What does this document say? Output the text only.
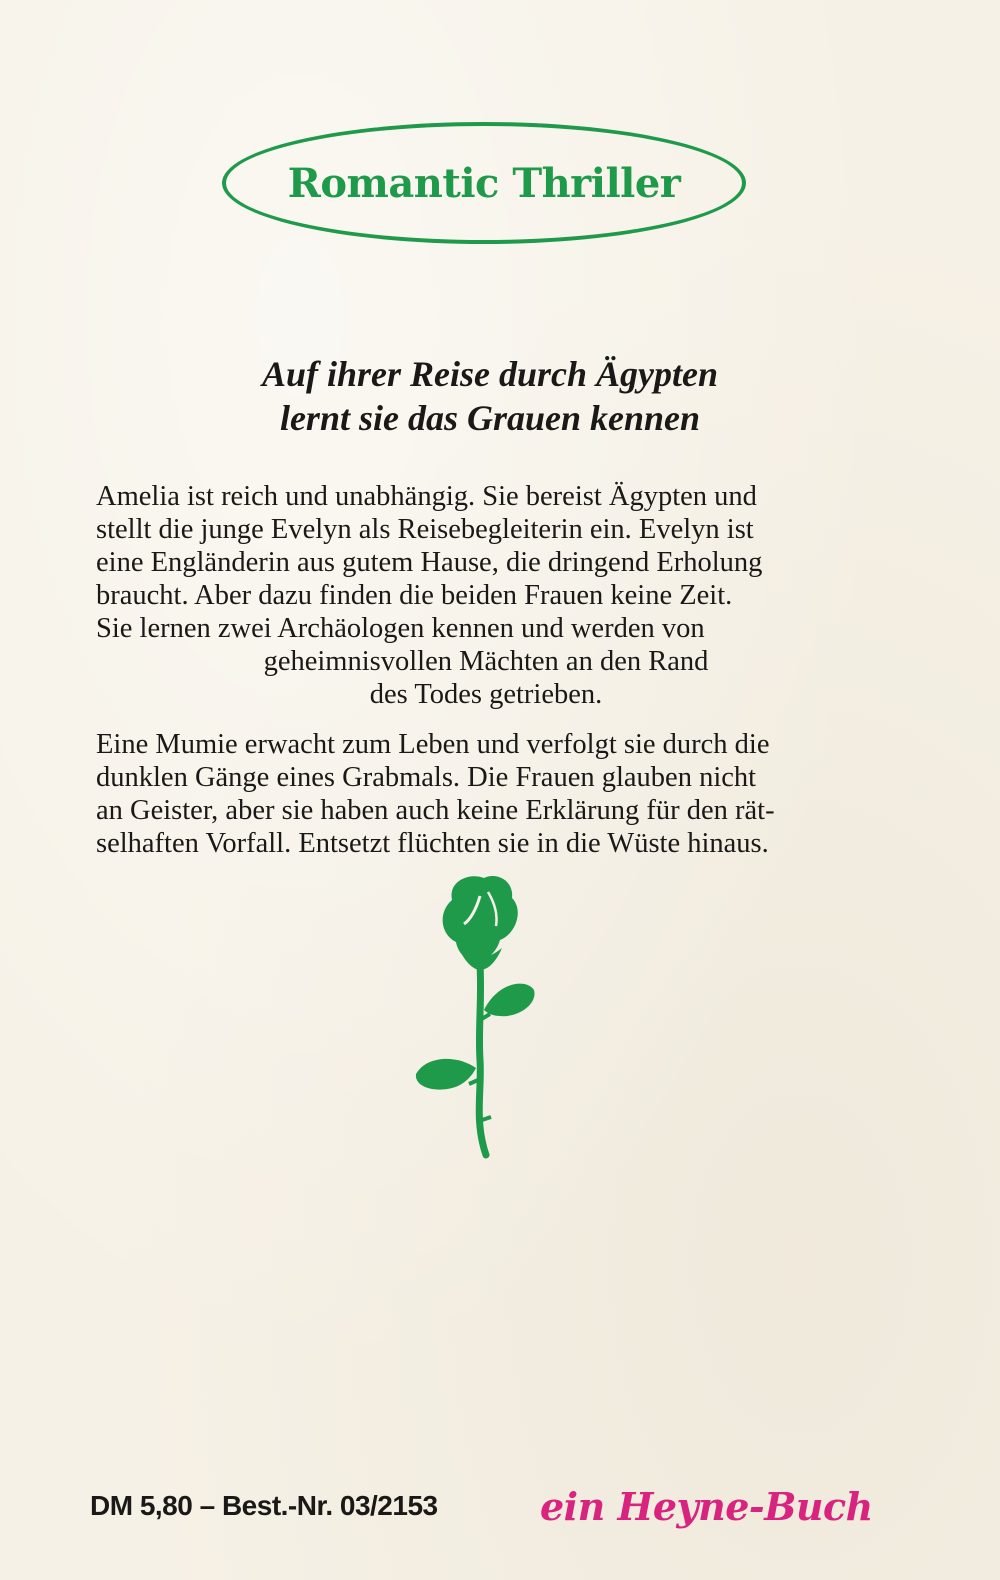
Romantic Thriller
Auf ihrer Reise durch Ägypten
lernt sie das Grauen kennen
Amelia ist reich und unabhängig. Sie bereist Ägypten und
stellt die junge Evelyn als Reisebegleiterin ein. Evelyn ist
eine Engländerin aus gutem Hause, die dringend Erholung
braucht. Aber dazu finden die beiden Frauen keine Zeit.
Sie lernen zwei Archäologen kennen und werden von
geheimnisvollen Mächten an den Rand
des Todes getrieben.
Eine Mumie erwacht zum Leben und verfolgt sie durch die
dunklen Gänge eines Grabmals. Die Frauen glauben nicht
an Geister, aber sie haben auch keine Erklärung für den rät-
selhaften Vorfall. Entsetzt flüchten sie in die Wüste hinaus.
DM 5,80 – Best.-Nr. 03/2153	ein Heyne-Buch
